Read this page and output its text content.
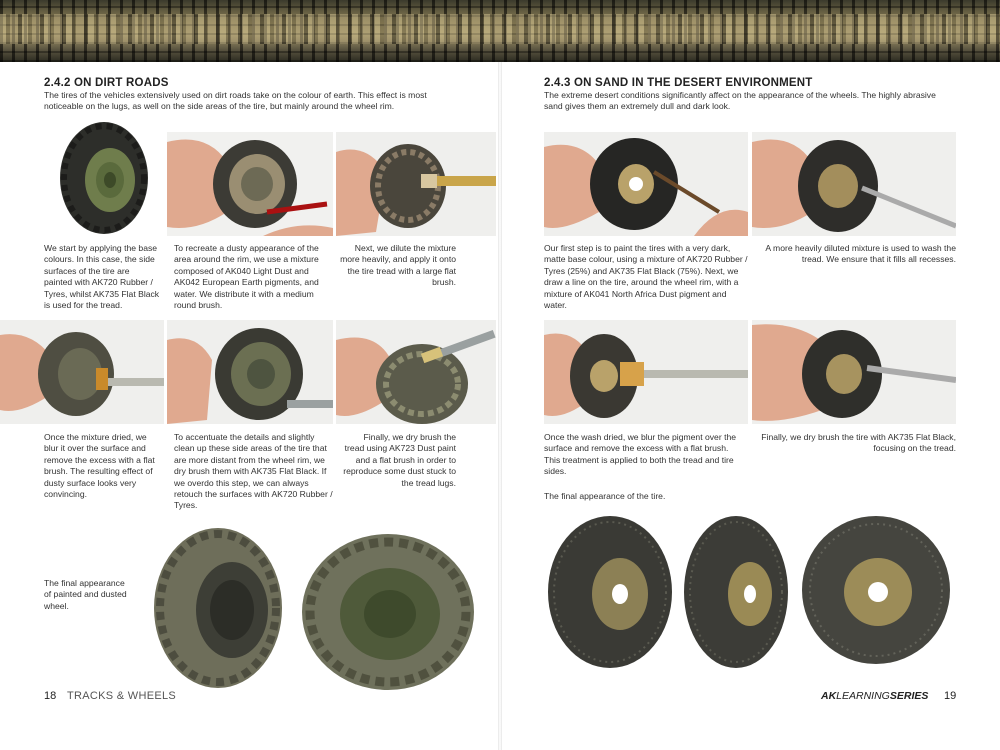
2.4.2 ON DIRT ROADS

The tires of the vehicles extensively used on dirt roads take on the colour of earth. This effect is most noticeable on the lugs, as well on the side areas of the tire, but mainly around the wheel rim.

We start by applying the base colours. In this case, the side surfaces of the tire are painted with AK720 Rubber / Tyres, whilst AK735 Flat Black is used for the tread.

To recreate a dusty appearance of the area around the rim, we use a mixture composed of AK040 Light Dust and AK042 European Earth pigments, and water. We distribute it with a medium round brush.

Next, we dilute the mixture more heavily, and apply it onto the tire tread with a large flat brush.

Once the mixture dried, we blur it over the surface and remove the excess with a flat brush. The resulting effect of dusty surface looks very convincing.

To accentuate the details and slightly clean up these side areas of the tire that are more distant from the wheel rim, we dry brush them with AK735 Flat Black. If we overdo this step, we can always retouch the surfaces with AK720 Rubber / Tyres.

Finally, we dry brush the tread using AK723 Dust paint and a flat brush in order to reproduce some dust stuck to the tread lugs.

The final appearance of painted and dusted wheel.

18 TRACKS & WHEELS
2.4.3 ON SAND IN THE DESERT ENVIRONMENT

The extreme desert conditions significantly affect on the appearance of the wheels. The highly abrasive sand gives them an extremely dull and dark look.

Our first step is to paint the tires with a very dark, matte base colour, using a mixture of AK720 Rubber / Tyres (25%) and AK735 Flat Black (75%). Next, we draw a line on the tire, around the wheel rim, with a mixture of AK041 North Africa Dust pigment and water.

A more heavily diluted mixture is used to wash the tread. We ensure that it fills all recesses.

Once the wash dried, we blur the pigment over the surface and remove the excess with a flat brush. This treatment is applied to both the tread and tire sides.

Finally, we dry brush the tire with AK735 Flat Black, focusing on the tread.

The final appearance of the tire.

AKLEARNINGSERIES 19
